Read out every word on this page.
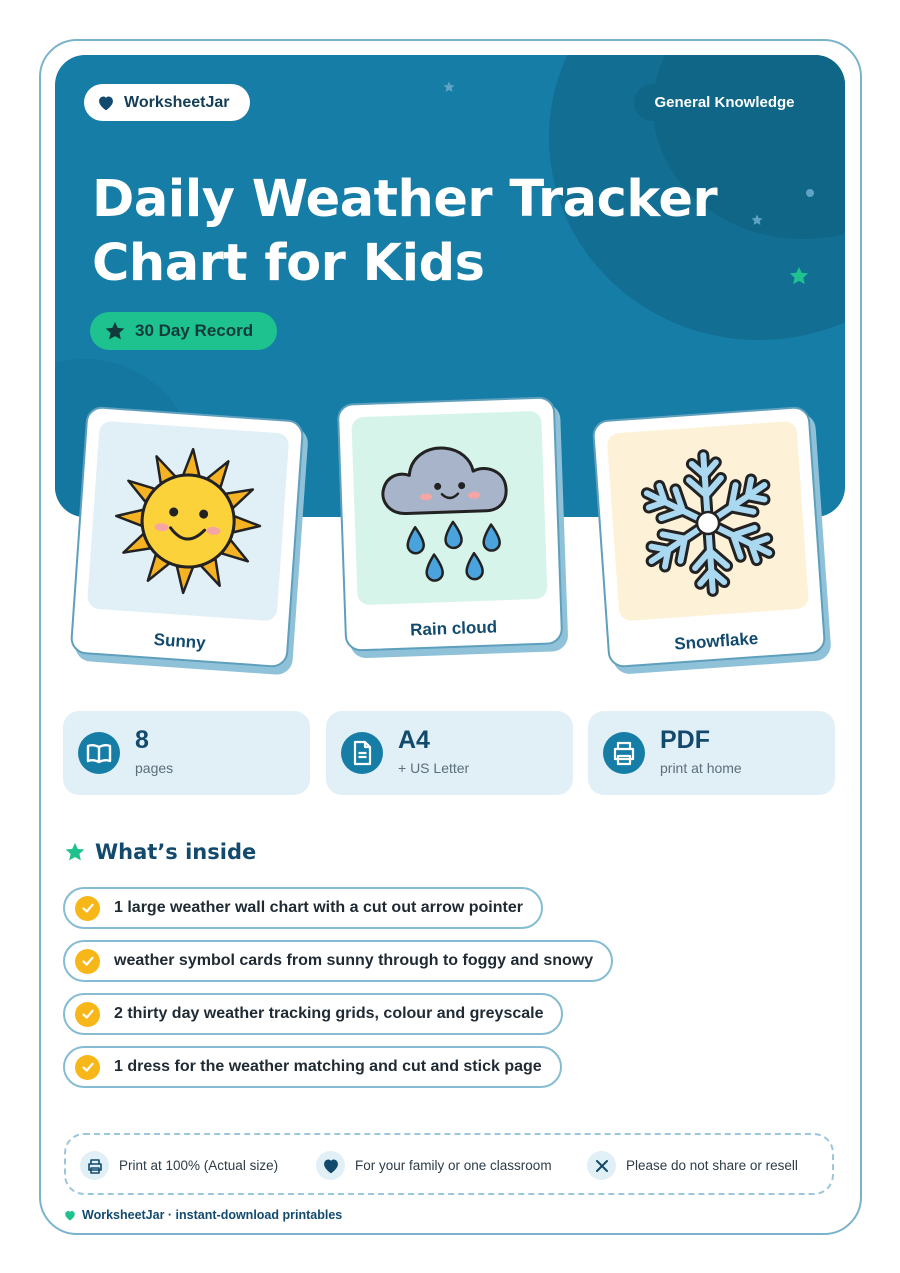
WorksheetJar	General Knowledge
Daily Weather Tracker
Chart for Kids
30 Day Record
Sunny
Rain cloud
Snowflake
8
pages
A4
+ US Letter
PDF
print at home
What’s inside
1 large weather wall chart with a cut out arrow pointer
weather symbol cards from sunny through to foggy and snowy
2 thirty day weather tracking grids, colour and greyscale
1 dress for the weather matching and cut and stick page
Print at 100% (Actual size)	For your family or one classroom	Please do not share or resell
WorksheetJar · instant-download printables
